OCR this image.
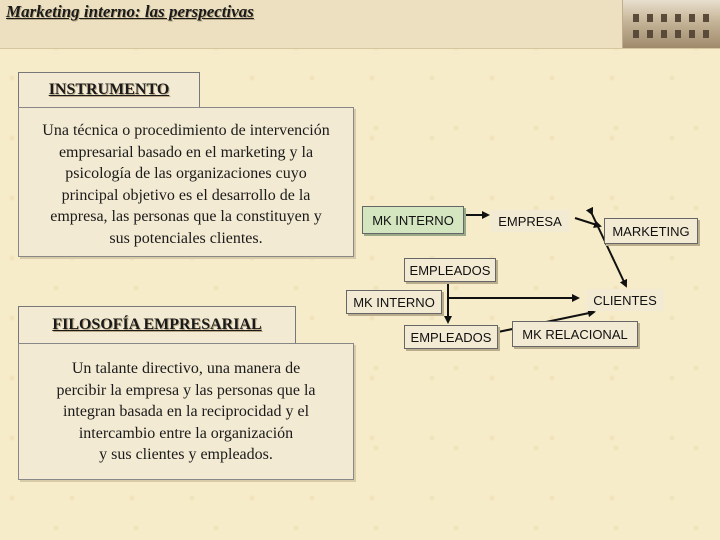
Marketing interno: las perspectivas
INSTRUMENTO
Una técnica o procedimiento de intervención
empresarial basado en el marketing y la
psicología de las organizaciones cuyo
principal objetivo es el desarrollo de la
empresa, las personas que la constituyen y
sus potenciales clientes.
FILOSOFÍA EMPRESARIAL
Un talante directivo, una manera de
percibir la empresa y las personas que la
integran basada en la reciprocidad y el
intercambio entre la organización
y sus clientes y empleados.
MK INTERNO	EMPRESA
MARKETING
EMPLEADOS
MK INTERNO	CLIENTES
EMPLEADOS	MK RELACIONAL
